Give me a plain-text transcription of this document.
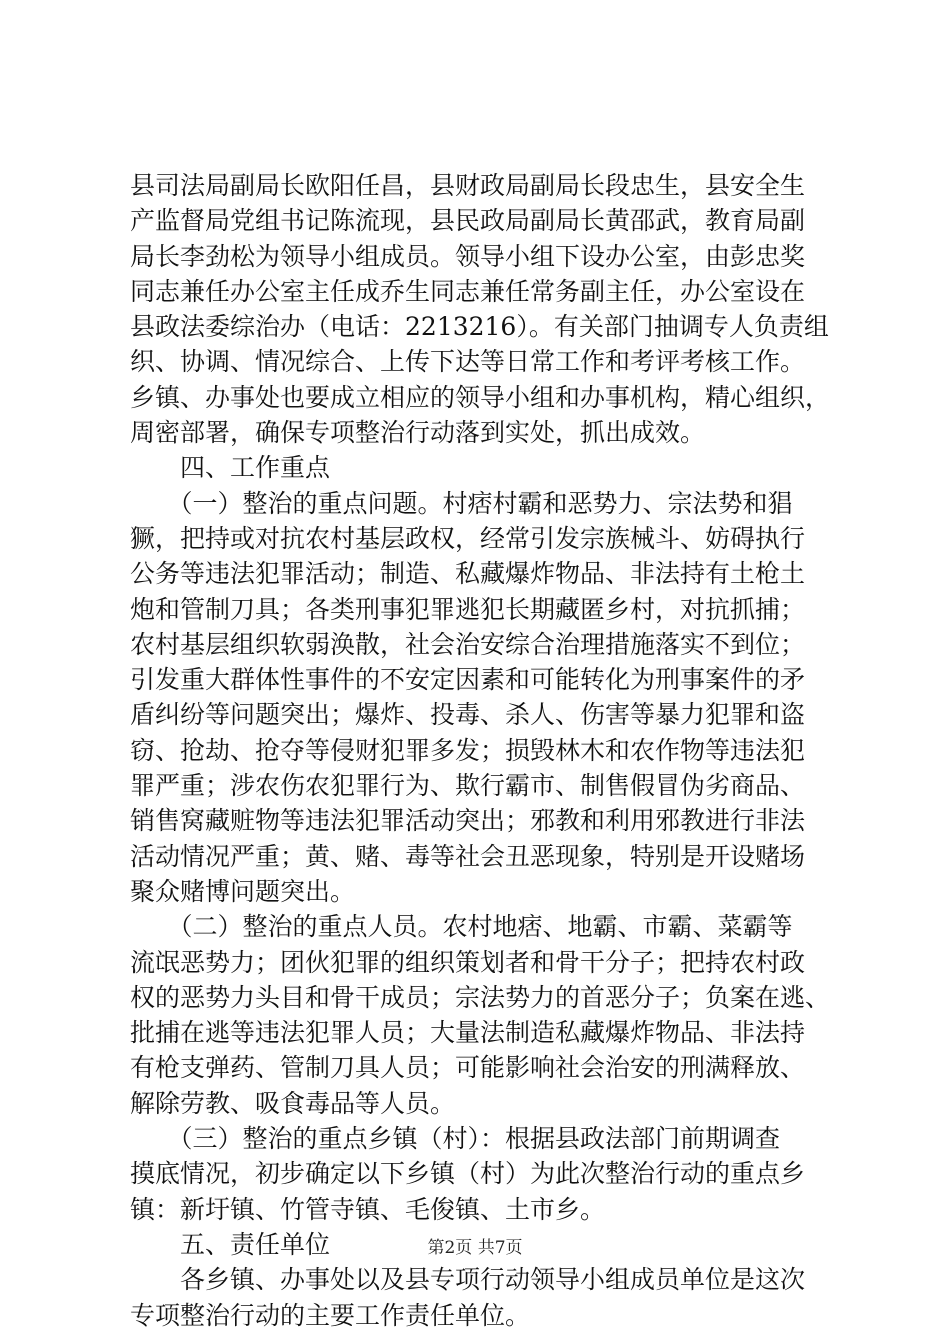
县司法局副局长欧阳任昌，县财政局副局长段忠生，县安全生
产监督局党组书记陈流现，县民政局副局长黄邵武，教育局副
局长李劲松为领导小组成员。领导小组下设办公室，由彭忠奖
同志兼任办公室主任成乔生同志兼任常务副主任，办公室设在
县政法委综治办（电话：2213216）。有关部门抽调专人负责组
织、协调、情况综合、上传下达等日常工作和考评考核工作。
乡镇、办事处也要成立相应的领导小组和办事机构，精心组织，
周密部署，确保专项整治行动落到实处，抓出成效。
　　四、工作重点
　　（一）整治的重点问题。村痞村霸和恶势力、宗法势和猖
獗，把持或对抗农村基层政权，经常引发宗族械斗、妨碍执行
公务等违法犯罪活动；制造、私藏爆炸物品、非法持有土枪土
炮和管制刀具；各类刑事犯罪逃犯长期藏匿乡村，对抗抓捕；
农村基层组织软弱涣散，社会治安综合治理措施落实不到位；
引发重大群体性事件的不安定因素和可能转化为刑事案件的矛
盾纠纷等问题突出；爆炸、投毒、杀人、伤害等暴力犯罪和盗
窃、抢劫、抢夺等侵财犯罪多发；损毁林木和农作物等违法犯
罪严重；涉农伤农犯罪行为、欺行霸市、制售假冒伪劣商品、
销售窝藏赃物等违法犯罪活动突出；邪教和利用邪教进行非法
活动情况严重；黄、赌、毒等社会丑恶现象，特别是开设赌场
聚众赌博问题突出。
　　（二）整治的重点人员。农村地痞、地霸、市霸、菜霸等
流氓恶势力；团伙犯罪的组织策划者和骨干分子；把持农村政
权的恶势力头目和骨干成员；宗法势力的首恶分子；负案在逃、
批捕在逃等违法犯罪人员；大量法制造私藏爆炸物品、非法持
有枪支弹药、管制刀具人员；可能影响社会治安的刑满释放、
解除劳教、吸食毒品等人员。
　　（三）整治的重点乡镇（村）：根据县政法部门前期调查
摸底情况，初步确定以下乡镇（村）为此次整治行动的重点乡
镇：新圩镇、竹管寺镇、毛俊镇、土市乡。
　　五、责任单位
　　各乡镇、办事处以及县专项行动领导小组成员单位是这次
专项整治行动的主要工作责任单位。
第2页 共7页
